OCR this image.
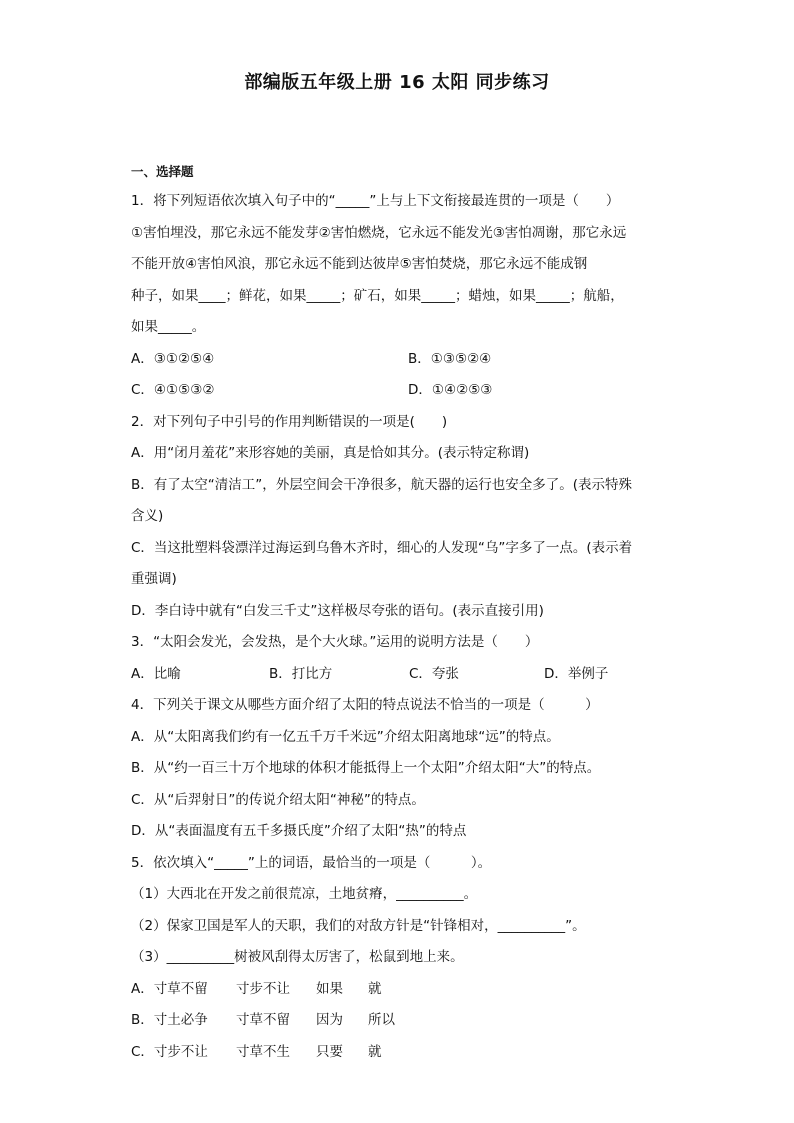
部编版五年级上册 16 太阳 同步练习
一、选择题
1．将下列短语依次填入句子中的“_____”上与上下文衔接最连贯的一项是（　　）
①害怕埋没，那它永远不能发芽②害怕燃烧，它永远不能发光③害怕凋谢，那它永远
不能开放④害怕风浪，那它永远不能到达彼岸⑤害怕焚烧，那它永远不能成钢
种子，如果____；鲜花，如果_____；矿石，如果_____；蜡烛，如果_____；航船，
如果_____。
A．③①②⑤④	B．①③⑤②④
C．④①⑤③②	D．①④②⑤③
2．对下列句子中引号的作用判断错误的一项是(　　)
A．用“闭月羞花”来形容她的美丽，真是恰如其分。(表示特定称谓)
B．有了太空“清洁工”，外层空间会干净很多，航天器的运行也安全多了。(表示特殊
含义)
C．当这批塑料袋漂洋过海运到乌鲁木齐时，细心的人发现“乌”字多了一点。(表示着
重强调)
D．李白诗中就有“白发三千丈”这样极尽夸张的语句。(表示直接引用)
3．“太阳会发光，会发热，是个大火球。”运用的说明方法是（　　）
A．比喻	B．打比方	C．夸张	D．举例子
4．下列关于课文从哪些方面介绍了太阳的特点说法不恰当的一项是（　　　）
A．从“太阳离我们约有一亿五千万千米远”介绍太阳离地球“远”的特点。
B．从“约一百三十万个地球的体积才能抵得上一个太阳”介绍太阳“大”的特点。
C．从“后羿射日”的传说介绍太阳“神秘”的特点。
D．从“表面温度有五千多摄氏度”介绍了太阳“热”的特点
5．依次填入“_____”上的词语，最恰当的一项是（　　　）。
（1）大西北在开发之前很荒凉，土地贫瘠，__________。
（2）保家卫国是军人的天职，我们的对敌方针是“针锋相对，__________”。
（3）__________树被风刮得太厉害了，松鼠到地上来。
A．寸草不留 寸步不让 如果 就
B．寸土必争 寸草不留 因为 所以
C．寸步不让 寸草不生 只要 就
